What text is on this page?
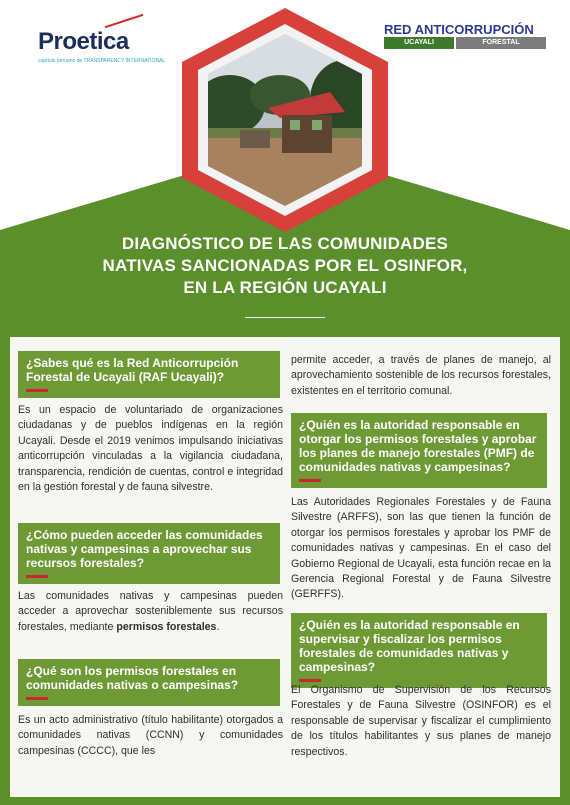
Proetica
capítulo peruano de TRANSPARENCY INTERNATIONAL
RED ANTICORRUPCIÓN
UCAYALI	FORESTAL
DIAGNÓSTICO DE LAS COMUNIDADES
NATIVAS SANCIONADAS POR EL OSINFOR,
EN LA REGIÓN UCAYALI
¿Sabes qué es la Red Anticorrupción Forestal de Ucayali (RAF Ucayali)?
Es un espacio de voluntariado de organizaciones ciudadanas y de pueblos indígenas en la región Ucayali. Desde el 2019 venimos impulsando iniciativas anticorrupción vinculadas a la vigilancia ciudadana, transparencia, rendición de cuentas, control e integridad en la gestión forestal y de fauna silvestre.
¿Cómo pueden acceder las comunidades nativas y campesinas a aprovechar sus recursos forestales?
Las comunidades nativas y campesinas pueden acceder a aprovechar sosteniblemente sus recursos forestales, mediante permisos forestales.
¿Qué son los permisos forestales en comunidades nativas o campesinas?
Es un acto administrativo (título habilitante) otorgados a comunidades nativas (CCNN) y comunidades campesinas (CCCC), que les
permite acceder, a través de planes de manejo, al aprovechamiento sostenible de los recursos forestales, existentes en el territorio comunal.
¿Quién es la autoridad responsable en otorgar los permisos forestales y aprobar los planes de manejo forestales (PMF) de comunidades nativas y campesinas?
Las Autoridades Regionales Forestales y de Fauna Silvestre (ARFFS), son las que tienen la función de otorgar los permisos forestales y aprobar los PMF de comunidades nativas y campesinas. En el caso del Gobierno Regional de Ucayali, esta función recae en la Gerencia Regional Forestal y de Fauna Silvestre (GERFFS).
¿Quién es la autoridad responsable en supervisar y fiscalizar los permisos forestales de comunidades nativas y campesinas?
El Organismo de Supervisión de los Recursos Forestales y de Fauna Silvestre (OSINFOR) es el responsable de supervisar y fiscalizar el cumplimiento de los títulos habilitantes y sus planes de manejo respectivos.
